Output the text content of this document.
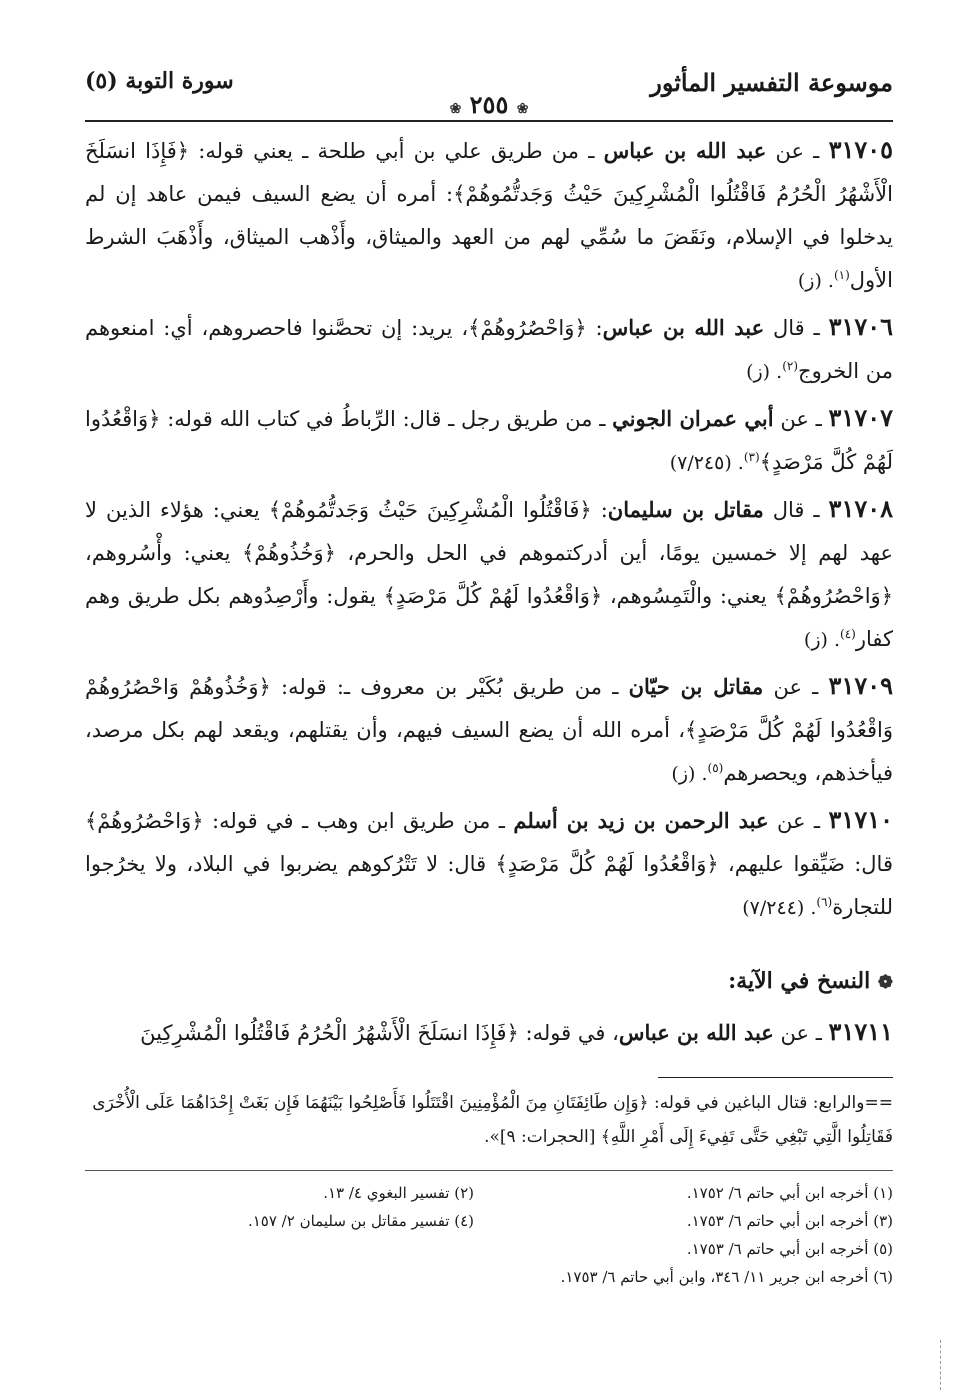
موسوعة التفسير المأثور
❀ ٢٥٥ ❀
سورة التوبة (٥)
٣١٧٠٥ ـ عن عبد الله بن عباس ـ من طريق علي بن أبي طلحة ـ يعني قوله: ﴿فَإِذَا انسَلَخَ الْأَشْهُرُ الْحُرُمُ فَاقْتُلُوا الْمُشْرِكِينَ حَيْثُ وَجَدتُّمُوهُمْ﴾: أمره أن يضع السيف فيمن عاهد إن لم يدخلوا في الإسلام، ونَقَضَ ما سُمِّي لهم من العهد والميثاق، وأَذْهب الميثاق، وأَذْهَبَ الشرط الأول$^{(١)}$. (ز)
٣١٧٠٦ ـ قال عبد الله بن عباس: ﴿وَاحْصُرُوهُمْ﴾، يريد: إن تحصَّنوا فاحصروهم، أي: امنعوهم من الخروج$^{(٢)}$. (ز)
٣١٧٠٧ ـ عن أبي عمران الجوني ـ من طريق رجل ـ قال: الرِّباطُ في كتاب الله قوله: ﴿وَاقْعُدُوا لَهُمْ كُلَّ مَرْصَدٍ﴾$^{(٣)}$. (٧/٢٤٥)
٣١٧٠٨ ـ قال مقاتل بن سليمان: ﴿فَاقْتُلُوا الْمُشْرِكِينَ حَيْثُ وَجَدتُّمُوهُمْ﴾ يعني: هؤلاء الذين لا عهد لهم إلا خمسين يومًا، أين أدركتموهم في الحل والحرم، ﴿وَخُذُوهُمْ﴾ يعني: وأْسُروهم، ﴿وَاحْصُرُوهُمْ﴾ يعني: والْتَمِسُوهم، ﴿وَاقْعُدُوا لَهُمْ كُلَّ مَرْصَدٍ﴾ يقول: وأَرْصِدُوهم بكل طريق وهم كفار$^{(٤)}$. (ز)
٣١٧٠٩ ـ عن مقاتل بن حيّان ـ من طريق بُكَيْر بن معروف ـ: قوله: ﴿وَخُذُوهُمْ وَاحْصُرُوهُمْ وَاقْعُدُوا لَهُمْ كُلَّ مَرْصَدٍ﴾، أمره الله أن يضع السيف فيهم، وأن يقتلهم، ويقعد لهم بكل مرصد، فيأخذهم، ويحصرهم$^{(٥)}$. (ز)
٣١٧١٠ ـ عن عبد الرحمن بن زيد بن أسلم ـ من طريق ابن وهب ـ في قوله: ﴿وَاحْصُرُوهُمْ﴾ قال: ضَيِّقوا عليهم، ﴿وَاقْعُدُوا لَهُمْ كُلَّ مَرْصَدٍ﴾ قال: لا تَتْرُكوهم يضربوا في البلاد، ولا يخرُجوا للتجارة$^{(٦)}$. (٧/٢٤٤)
❁ النسخ في الآية:
٣١٧١١ ـ عن عبد الله بن عباس، في قوله: ﴿فَإِذَا انسَلَخَ الْأَشْهُرُ الْحُرُمُ فَاقْتُلُوا الْمُشْرِكِينَ
==والرابع: قتال الباغين في قوله: ﴿وَإِن طَائِفَتَانِ مِنَ الْمُؤْمِنِينَ اقْتَتَلُوا فَأَصْلِحُوا بَيْنَهُمَا فَإِن بَغَتْ إِحْدَاهُمَا عَلَى الْأُخْرَى فَقَاتِلُوا الَّتِي تَبْغِي حَتَّى تَفِيءَ إِلَى أَمْرِ اللَّهِ﴾ [الحجرات: ٩]».
(١) أخرجه ابن أبي حاتم ٦/ ١٧٥٢.
(٢) تفسير البغوي ٤/ ١٣.
(٣) أخرجه ابن أبي حاتم ٦/ ١٧٥٣.
(٤) تفسير مقاتل بن سليمان ٢/ ١٥٧.
(٥) أخرجه ابن أبي حاتم ٦/ ١٧٥٣.
(٦) أخرجه ابن جرير ١١/ ٣٤٦، وابن أبي حاتم ٦/ ١٧٥٣.
